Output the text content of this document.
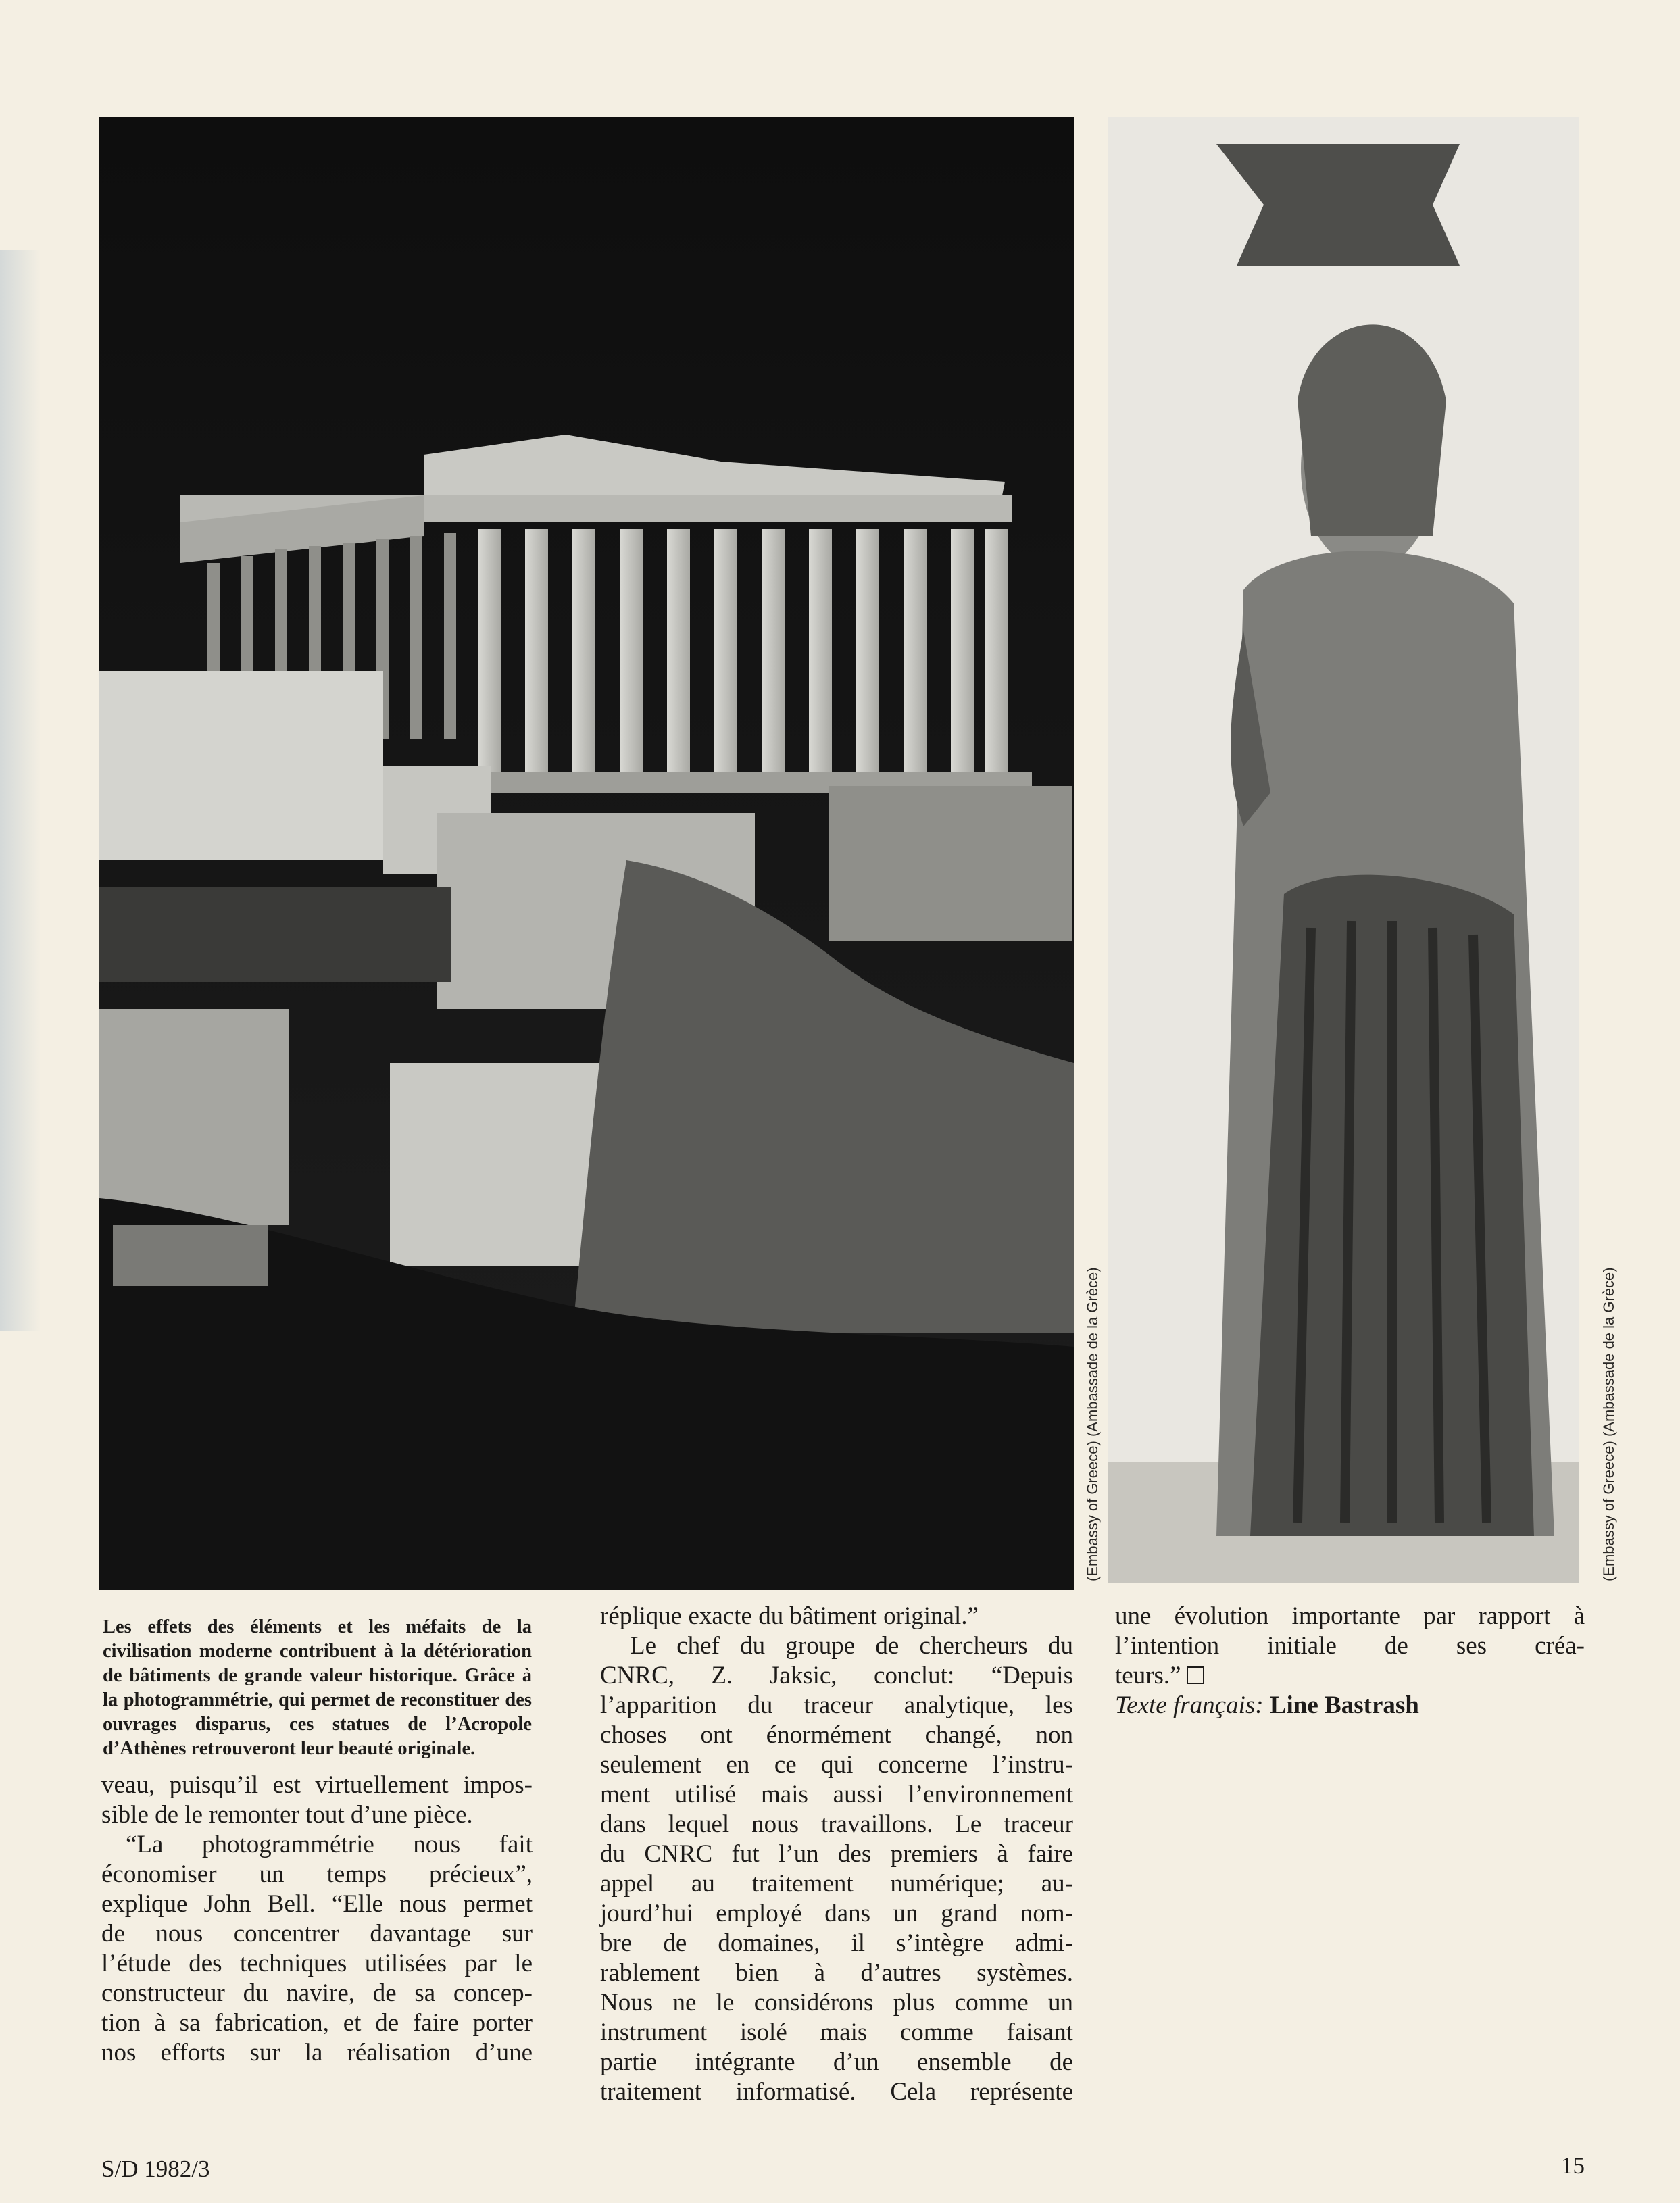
(Embassy of Greece) (Ambassade de la Grèce)	(Embassy of Greece) (Ambassade de la Grèce)
Les effets des éléments et les méfaits de la civilisation moderne contribuent à la détérioration de bâtiments de grande valeur historique. Grâce à la photogrammétrie, qui permet de reconstituer des ouvrages disparus, ces statues de l’Acropole d’Athènes retrouveront leur beauté originale.

veau, puisqu’il est virtuellement impos-
sible de le remonter tout d’une pièce.

“La photogrammétrie nous fait
économiser un temps précieux”,
explique John Bell. “Elle nous permet
de nous concentrer davantage sur
l’étude des techniques utilisées par le
constructeur du navire, de sa concep-
tion à sa fabrication, et de faire porter
nos efforts sur la réalisation d’une

réplique exacte du bâtiment original.”

Le chef du groupe de chercheurs du
CNRC, Z. Jaksic, conclut: “Depuis
l’apparition du traceur analytique, les
choses ont énormément changé, non
seulement en ce qui concerne l’instru-
ment utilisé mais aussi l’environnement
dans lequel nous travaillons. Le traceur
du CNRC fut l’un des premiers à faire
appel au traitement numérique; au-
jourd’hui employé dans un grand nom-
bre de domaines, il s’intègre admi-
rablement bien à d’autres systèmes.
Nous ne le considérons plus comme un
instrument isolé mais comme faisant
partie intégrante d’un ensemble de
traitement informatisé. Cela représente

une évolution importante par rapport à
l’intention initiale de ses créa-
teurs.”

Texte français: Line Bastrash

S/D 1982/3	15
